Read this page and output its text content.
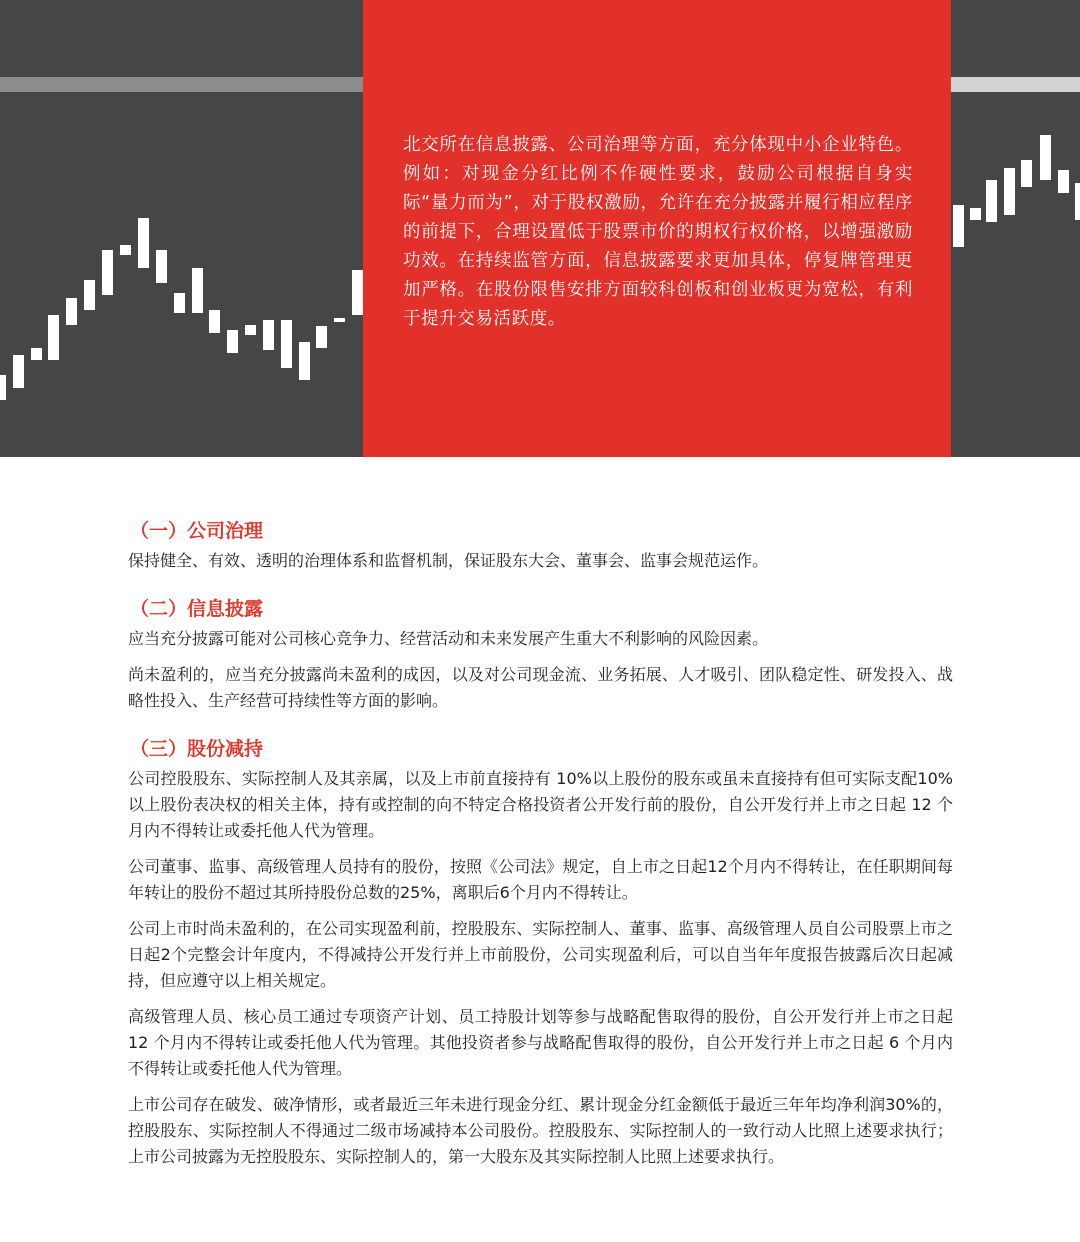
北交所在信息披露、公司治理等方面，充分体现中小企业特色。例如：对现金分红比例不作硬性要求，鼓励公司根据自身实际“量力而为”，对于股权激励，允许在充分披露并履行相应程序的前提下，合理设置低于股票市价的期权行权价格，以增强激励功效。在持续监管方面，信息披露要求更加具体，停复牌管理更加严格。在股份限售安排方面较科创板和创业板更为宽松，有利于提升交易活跃度。
（一）公司治理

保持健全、有效、透明的治理体系和监督机制，保证股东大会、董事会、监事会规范运作。

（二）信息披露

应当充分披露可能对公司核心竞争力、经营活动和未来发展产生重大不利影响的风险因素。

尚未盈利的，应当充分披露尚未盈利的成因，以及对公司现金流、业务拓展、人才吸引、团队稳定性、研发投入、战略性投入、生产经营可持续性等方面的影响。

（三）股份减持

公司控股股东、实际控制人及其亲属，以及上市前直接持有 10%以上股份的股东或虽未直接持有但可实际支配10%以上股份表决权的相关主体，持有或控制的向不特定合格投资者公开发行前的股份，自公开发行并上市之日起 12 个月内不得转让或委托他人代为管理。

公司董事、监事、高级管理人员持有的股份，按照《公司法》规定，自上市之日起12个月内不得转让，在任职期间每年转让的股份不超过其所持股份总数的25%，离职后6个月内不得转让。

公司上市时尚未盈利的，在公司实现盈利前，控股股东、实际控制人、董事、监事、高级管理人员自公司股票上市之日起2个完整会计年度内，不得减持公开发行并上市前股份，公司实现盈利后，可以自当年年度报告披露后次日起减持，但应遵守以上相关规定。

高级管理人员、核心员工通过专项资产计划、员工持股计划等参与战略配售取得的股份，自公开发行并上市之日起 12 个月内不得转让或委托他人代为管理。其他投资者参与战略配售取得的股份，自公开发行并上市之日起 6 个月内不得转让或委托他人代为管理。

上市公司存在破发、破净情形，或者最近三年未进行现金分红、累计现金分红金额低于最近三年年均净利润30%的，控股股东、实际控制人不得通过二级市场减持本公司股份。控股股东、实际控制人的一致行动人比照上述要求执行；上市公司披露为无控股股东、实际控制人的，第一大股东及其实际控制人比照上述要求执行。
